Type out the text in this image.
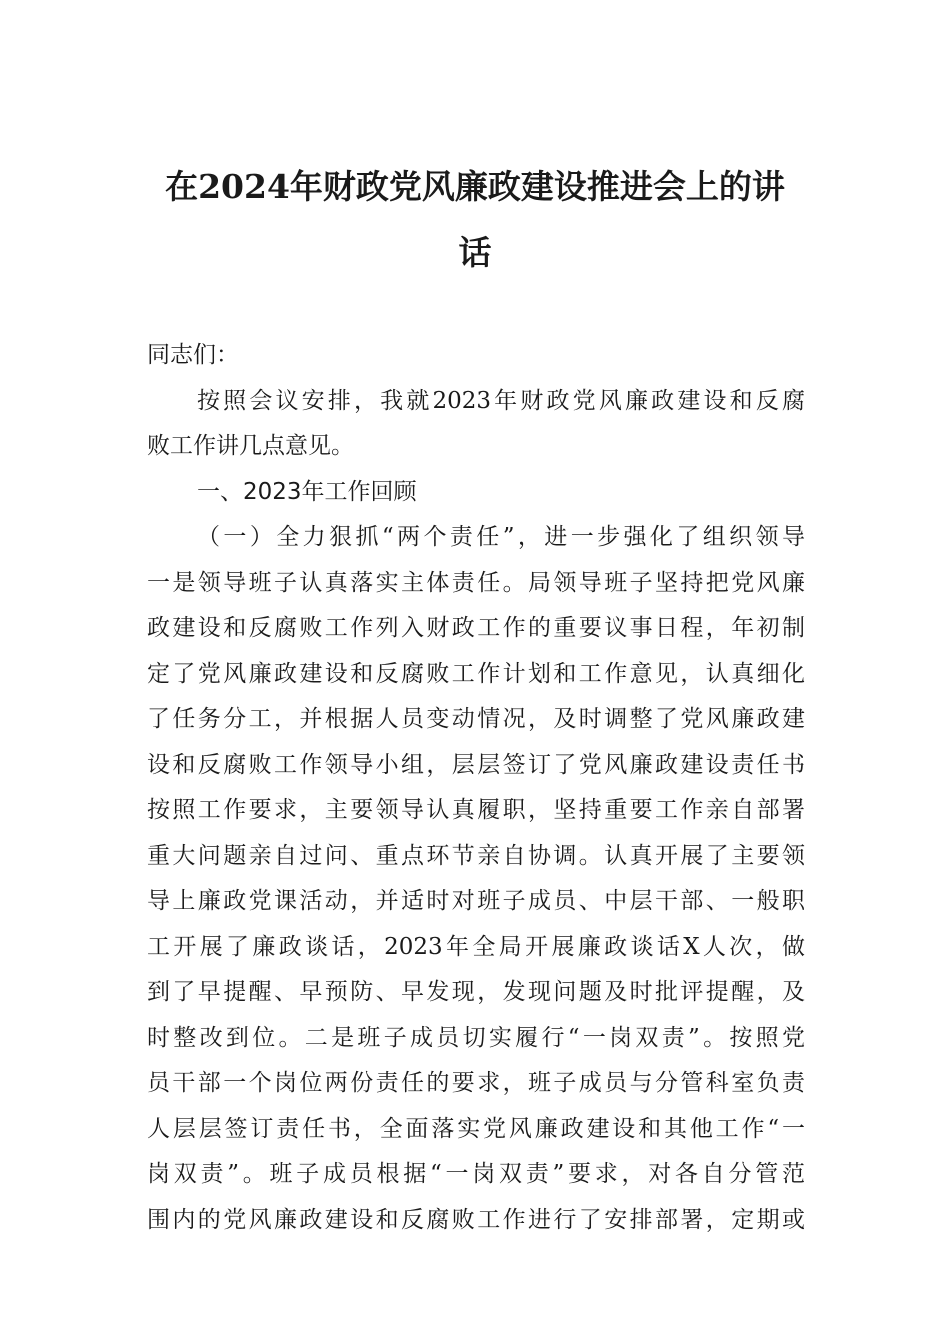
在2024年财政党风廉政建设推进会上的讲
话
同志们：
按照会议安排，我就2023年财政党风廉政建设和反腐
败工作讲几点意见。
一、2023年工作回顾
（一）全力狠抓“两个责任”，进一步强化了组织领导
一是领导班子认真落实主体责任。局领导班子坚持把党风廉
政建设和反腐败工作列入财政工作的重要议事日程，年初制
定了党风廉政建设和反腐败工作计划和工作意见，认真细化
了任务分工，并根据人员变动情况，及时调整了党风廉政建
设和反腐败工作领导小组，层层签订了党风廉政建设责任书
按照工作要求，主要领导认真履职，坚持重要工作亲自部署
重大问题亲自过问、重点环节亲自协调。认真开展了主要领
导上廉政党课活动，并适时对班子成员、中层干部、一般职
工开展了廉政谈话，2023年全局开展廉政谈话X人次，做
到了早提醒、早预防、早发现，发现问题及时批评提醒，及
时整改到位。二是班子成员切实履行“一岗双责”。按照党
员干部一个岗位两份责任的要求，班子成员与分管科室负责
人层层签订责任书，全面落实党风廉政建设和其他工作“一
岗双责”。班子成员根据“一岗双责”要求，对各自分管范
围内的党风廉政建设和反腐败工作进行了安排部署，定期或
